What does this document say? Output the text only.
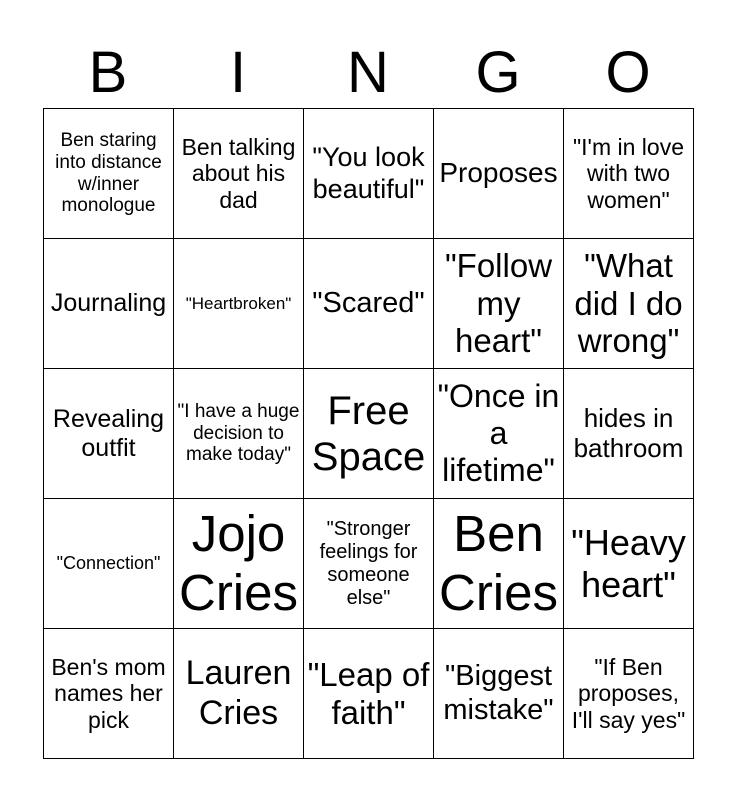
B	I	N	G	O
Ben staring into distance w/inner monologue	Ben talking about his dad	"You look beautiful"	Proposes	"I'm in love with two women"
Journaling	"Heartbroken"	"Scared"	"Follow my heart"	"What did I do wrong"
Revealing outfit	"I have a huge decision to make today"	Free Space	"Once in a lifetime"	hides in bathroom
"Connection"	Jojo Cries	"Stronger feelings for someone else"	Ben Cries	"Heavy heart"
Ben's mom names her pick	Lauren Cries	"Leap of faith"	"Biggest mistake"	"If Ben proposes, I'll say yes"
